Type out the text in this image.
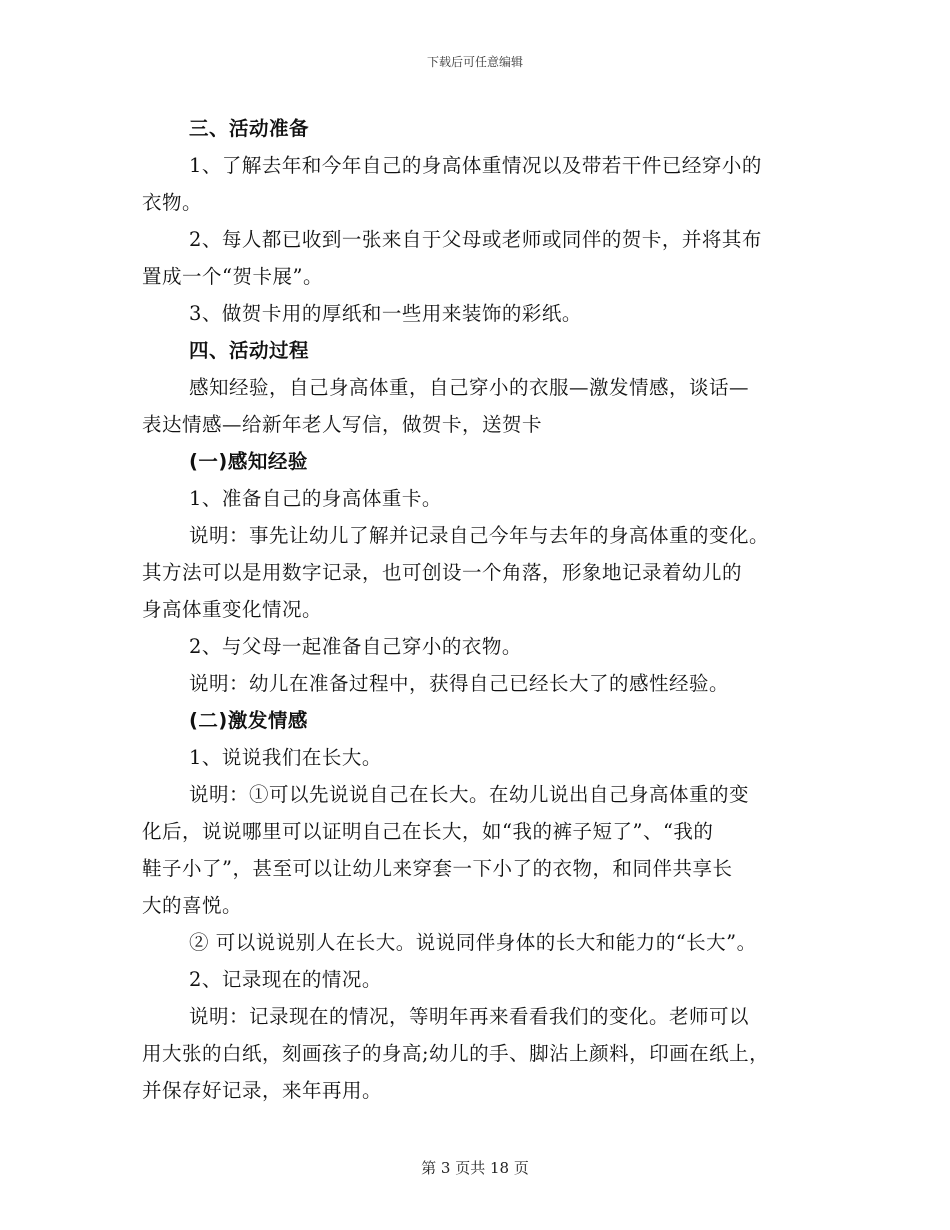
下载后可任意编辑
三、活动准备
1、了解去年和今年自己的身高体重情况以及带若干件已经穿小的
衣物。
2、每人都已收到一张来自于父母或老师或同伴的贺卡，并将其布
置成一个“贺卡展”。
3、做贺卡用的厚纸和一些用来装饰的彩纸。
四、活动过程
感知经验，自己身高体重，自己穿小的衣服—激发情感，谈话—
表达情感—给新年老人写信，做贺卡，送贺卡
(一)感知经验
1、准备自己的身高体重卡。
说明：事先让幼儿了解并记录自己今年与去年的身高体重的变化。
其方法可以是用数字记录，也可创设一个角落，形象地记录着幼儿的
身高体重变化情况。
2、与父母一起准备自己穿小的衣物。
说明：幼儿在准备过程中，获得自己已经长大了的感性经验。
(二)激发情感
1、说说我们在长大。
说明：①可以先说说自己在长大。在幼儿说出自己身高体重的变
化后，说说哪里可以证明自己在长大，如“我的裤子短了”、“我的
鞋子小了”，甚至可以让幼儿来穿套一下小了的衣物，和同伴共享长
大的喜悦。
② 可以说说别人在长大。说说同伴身体的长大和能力的“长大”。
2、记录现在的情况。
说明：记录现在的情况，等明年再来看看我们的变化。老师可以
用大张的白纸，刻画孩子的身高;幼儿的手、脚沾上颜料，印画在纸上，
并保存好记录，来年再用。
第 3 页共 18 页
